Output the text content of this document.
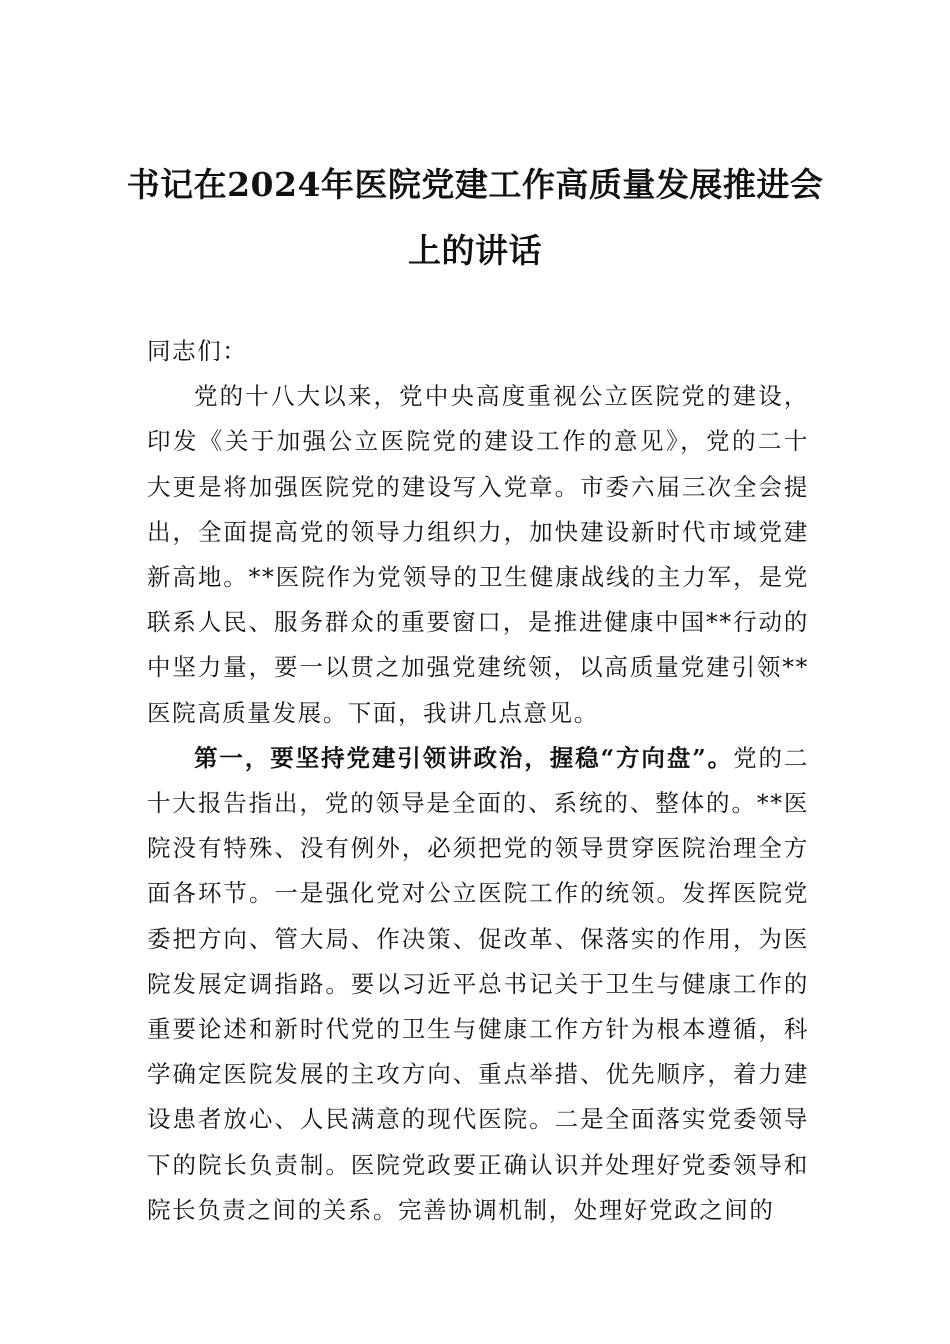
书记在2024年医院党建工作高质量发展推进会上的讲话

同志们：

党的十八大以来，党中央高度重视公立医院党的建设，印发《关于加强公立医院党的建设工作的意见》，党的二十大更是将加强医院党的建设写入党章。市委六届三次全会提出，全面提高党的领导力组织力，加快建设新时代市域党建新高地。**医院作为党领导的卫生健康战线的主力军，是党联系人民、服务群众的重要窗口，是推进健康中国**行动的中坚力量，要一以贯之加强党建统领，以高质量党建引领**医院高质量发展。下面，我讲几点意见。

第一，要坚持党建引领讲政治，握稳“方向盘”。党的二十大报告指出，党的领导是全面的、系统的、整体的。**医院没有特殊、没有例外，必须把党的领导贯穿医院治理全方面各环节。一是强化党对公立医院工作的统领。发挥医院党委把方向、管大局、作决策、促改革、保落实的作用，为医院发展定调指路。要以习近平总书记关于卫生与健康工作的重要论述和新时代党的卫生与健康工作方针为根本遵循，科学确定医院发展的主攻方向、重点举措、优先顺序，着力建设患者放心、人民满意的现代医院。二是全面落实党委领导下的院长负责制。医院党政要正确认识并处理好党委领导和院长负责之间的关系。完善协调机制，处理好党政之间的
